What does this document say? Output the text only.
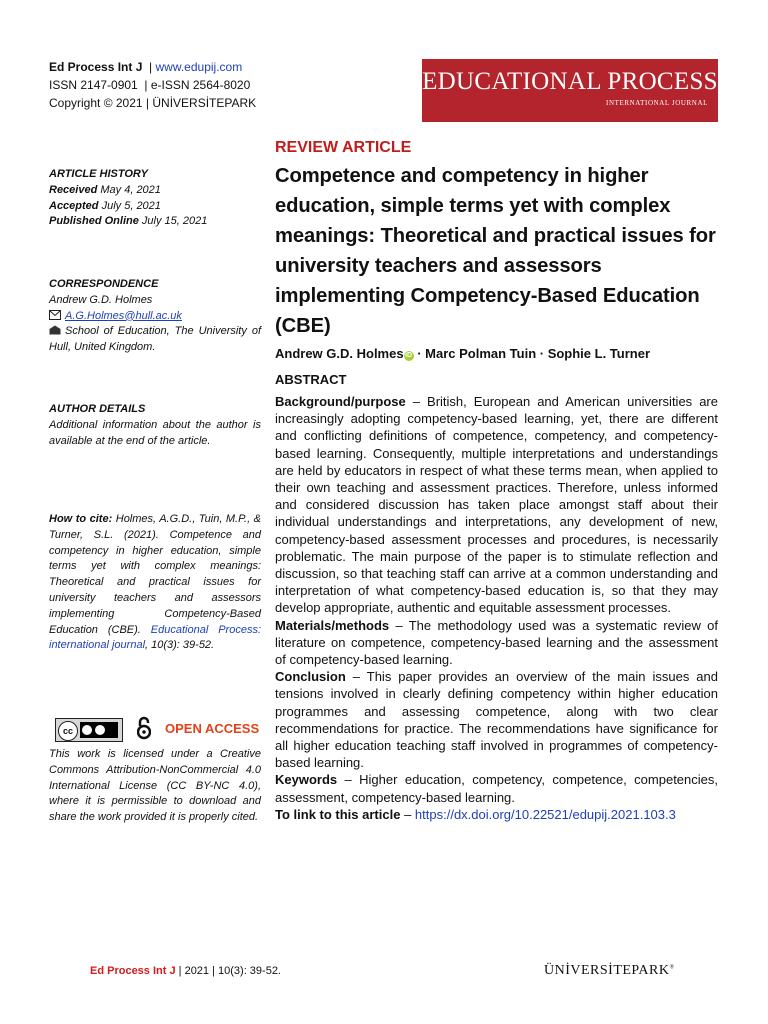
Ed Process Int J | www.edupij.com
ISSN 2147-0901 | e-ISSN 2564-8020
Copyright © 2021 | ÜNİVERSİTEPARK
EDUCATIONAL PROCESS
INTERNATIONAL JOURNAL
ARTICLE HISTORY
Received May 4, 2021
Accepted July 5, 2021
Published Online July 15, 2021
CORRESPONDENCE
Andrew G.D. Holmes
A.G.Holmes@hull.ac.uk
School of Education, The University of Hull, United Kingdom.
AUTHOR DETAILS
Additional information about the author is available at the end of the article.
How to cite: Holmes, A.G.D., Tuin, M.P., & Turner, S.L. (2021). Competence and competency in higher education, simple terms yet with complex meanings: Theoretical and practical issues for university teachers and assessors implementing Competency-Based Education (CBE). Educational Process: international journal, 10(3): 39-52.
cc	OPEN ACCESS
This work is licensed under a Creative Commons Attribution-NonCommercial 4.0 International License (CC BY-NC 4.0), where it is permissible to download and share the work provided it is properly cited.
REVIEW ARTICLE
Competence and competency in higher education, simple terms yet with complex meanings: Theoretical and practical issues for university teachers and assessors implementing Competency-Based Education (CBE)
Andrew G.D. Holmes iD · Marc Polman Tuin · Sophie L. Turner
ABSTRACT

Background/purpose – British, European and American universities are increasingly adopting competency-based learning, yet, there are different and conflicting definitions of competence, competency, and competency-based learning. Consequently, multiple interpretations and understandings are held by educators in respect of what these terms mean, when applied to their own teaching and assessment practices. Therefore, unless informed and considered discussion has taken place amongst staff about their individual understandings and interpretations, any development of new, competency-based assessment processes and procedures, is necessarily problematic. The main purpose of the paper is to stimulate reflection and discussion, so that teaching staff can arrive at a common understanding and interpretation of what competency-based education is, so that they may develop appropriate, authentic and equitable assessment processes.

Materials/methods – The methodology used was a systematic review of literature on competence, competency-based learning and the assessment of competency-based learning.

Conclusion – This paper provides an overview of the main issues and tensions involved in clearly defining competency within higher education programmes and assessing competence, along with two clear recommendations for practice. The recommendations have significance for all higher education teaching staff involved in programmes of competency-based learning.

Keywords – Higher education, competency, competence, competencies, assessment, competency-based learning.

To link to this article – https://dx.doi.org/10.22521/edupij.2021.103.3

Ed Process Int J | 2021 | 10(3): 39-52.	ÜNİVERSİTEPARK®
